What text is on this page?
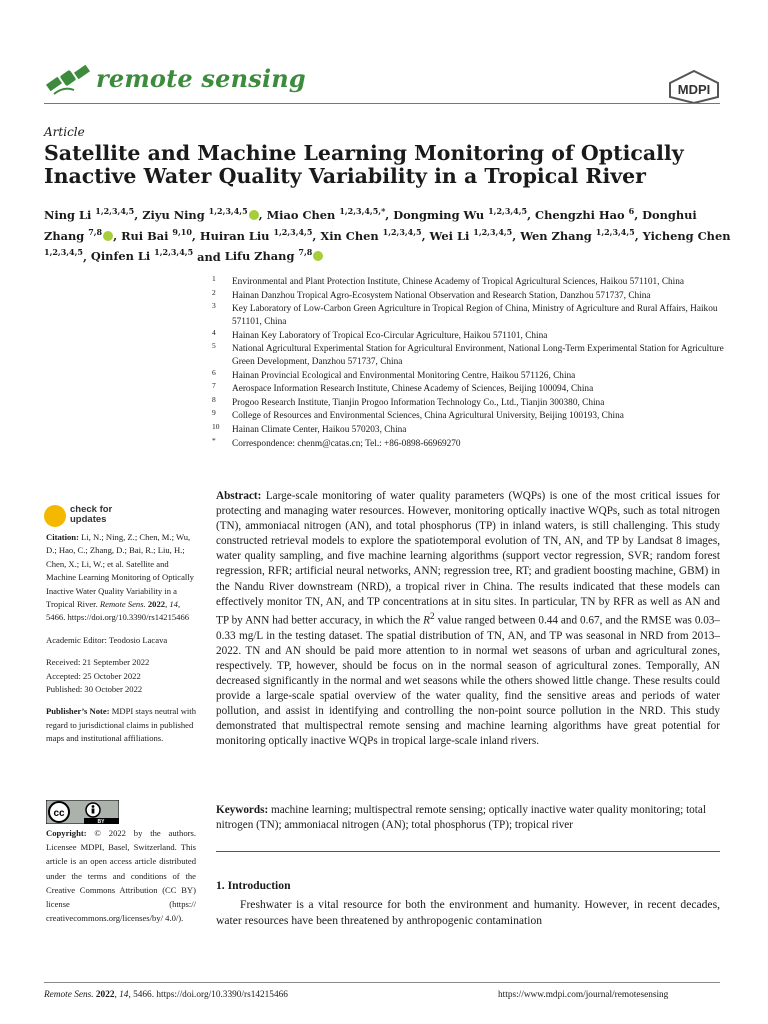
remote sensing	MDPI
Article
Satellite and Machine Learning Monitoring of Optically Inactive Water Quality Variability in a Tropical River
Ning Li $^{1,2,3,4,5}$, Ziyu Ning $^{1,2,3,4,5}$ , Miao Chen $^{1,2,3,4,5,*}$, Dongming Wu $^{1,2,3,4,5}$, Chengzhi Hao $^6$, Donghui Zhang $^{7,8}$ , Rui Bai $^{9,10}$, Huiran Liu $^{1,2,3,4,5}$, Xin Chen $^{1,2,3,4,5}$, Wei Li $^{1,2,3,4,5}$, Wen Zhang $^{1,2,3,4,5}$, Yicheng Chen $^{1,2,3,4,5}$, Qinfen Li $^{1,2,3,4,5}$ and Lifu Zhang $^{7,8}$
1 Environmental and Plant Protection Institute, Chinese Academy of Tropical Agricultural Sciences, Haikou 571101, China
2 Hainan Danzhou Tropical Agro-Ecosystem National Observation and Research Station, Danzhou 571737, China
3 Key Laboratory of Low-Carbon Green Agriculture in Tropical Region of China, Ministry of Agriculture and Rural Affairs, Haikou 571101, China
4 Hainan Key Laboratory of Tropical Eco-Circular Agriculture, Haikou 571101, China
5 National Agricultural Experimental Station for Agricultural Environment, National Long-Term Experimental Station for Agriculture Green Development, Danzhou 571737, China
6 Hainan Provincial Ecological and Environmental Monitoring Centre, Haikou 571126, China
7 Aerospace Information Research Institute, Chinese Academy of Sciences, Beijing 100094, China
8 Progoo Research Institute, Tianjin Progoo Information Technology Co., Ltd., Tianjin 300380, China
9 College of Resources and Environmental Sciences, China Agricultural University, Beijing 100193, China
10 Hainan Climate Center, Haikou 570203, China
* Correspondence: chenm@catas.cn; Tel.: +86-0898-66969270
check for
updates
Citation: Li, N.; Ning, Z.; Chen, M.; Wu, D.; Hao, C.; Zhang, D.; Bai, R.; Liu, H.; Chen, X.; Li, W.; et al. Satellite and Machine Learning Monitoring of Optically Inactive Water Quality Variability in a Tropical River. Remote Sens. 2022, 14, 5466. https://doi.org/10.3390/rs14215466
Academic Editor: Teodosio Lacava
Received: 21 September 2022
Accepted: 25 October 2022
Published: 30 October 2022
Publisher’s Note: MDPI stays neutral with regard to jurisdictional claims in published maps and institutional affiliations.
cc
BY
Copyright: © 2022 by the authors. Licensee MDPI, Basel, Switzerland. This article is an open access article distributed under the terms and conditions of the Creative Commons Attribution (CC BY) license (https:// creativecommons.org/licenses/by/ 4.0/).
Abstract: Large-scale monitoring of water quality parameters (WQPs) is one of the most critical issues for protecting and managing water resources. However, monitoring optically inactive WQPs, such as total nitrogen (TN), ammoniacal nitrogen (AN), and total phosphorus (TP) in inland waters, is still challenging. This study constructed retrieval models to explore the spatiotemporal evolution of TN, AN, and TP by Landsat 8 images, water quality sampling, and five machine learning algorithms (support vector regression, SVR; random forest regression, RFR; artificial neural networks, ANN; regression tree, RT; and gradient boosting machine, GBM) in the Nandu River downstream (NRD), a tropical river in China. The results indicated that these models can effectively monitor TN, AN, and TP concentrations at in situ sites. In particular, TN by RFR as well as AN and TP by ANN had better accuracy, in which the $R^2$ value ranged between 0.44 and 0.67, and the RMSE was 0.03–0.33 mg/L in the testing dataset. The spatial distribution of TN, AN, and TP was seasonal in NRD from 2013–2022. TN and AN should be paid more attention to in normal wet seasons of urban and agricultural zones, respectively. TP, however, should be focus on in the normal season of agricultural zones. Temporally, AN decreased significantly in the normal and wet seasons while the others showed little change. These results could provide a large-scale spatial overview of the water quality, find the sensitive areas and periods of water pollution, and assist in identifying and controlling the non-point source pollution in the NRD. This study demonstrated that multispectral remote sensing and machine learning algorithms have great potential for monitoring optically inactive WQPs in tropical large-scale inland rivers.
Keywords: machine learning; multispectral remote sensing; optically inactive water quality monitoring; total nitrogen (TN); ammoniacal nitrogen (AN); total phosphorus (TP); tropical river
1. Introduction
Freshwater is a vital resource for both the environment and humanity. However, in recent decades, water resources have been threatened by anthropogenic contamination
Remote Sens. 2022, 14, 5466. https://doi.org/10.3390/rs14215466	https://www.mdpi.com/journal/remotesensing
